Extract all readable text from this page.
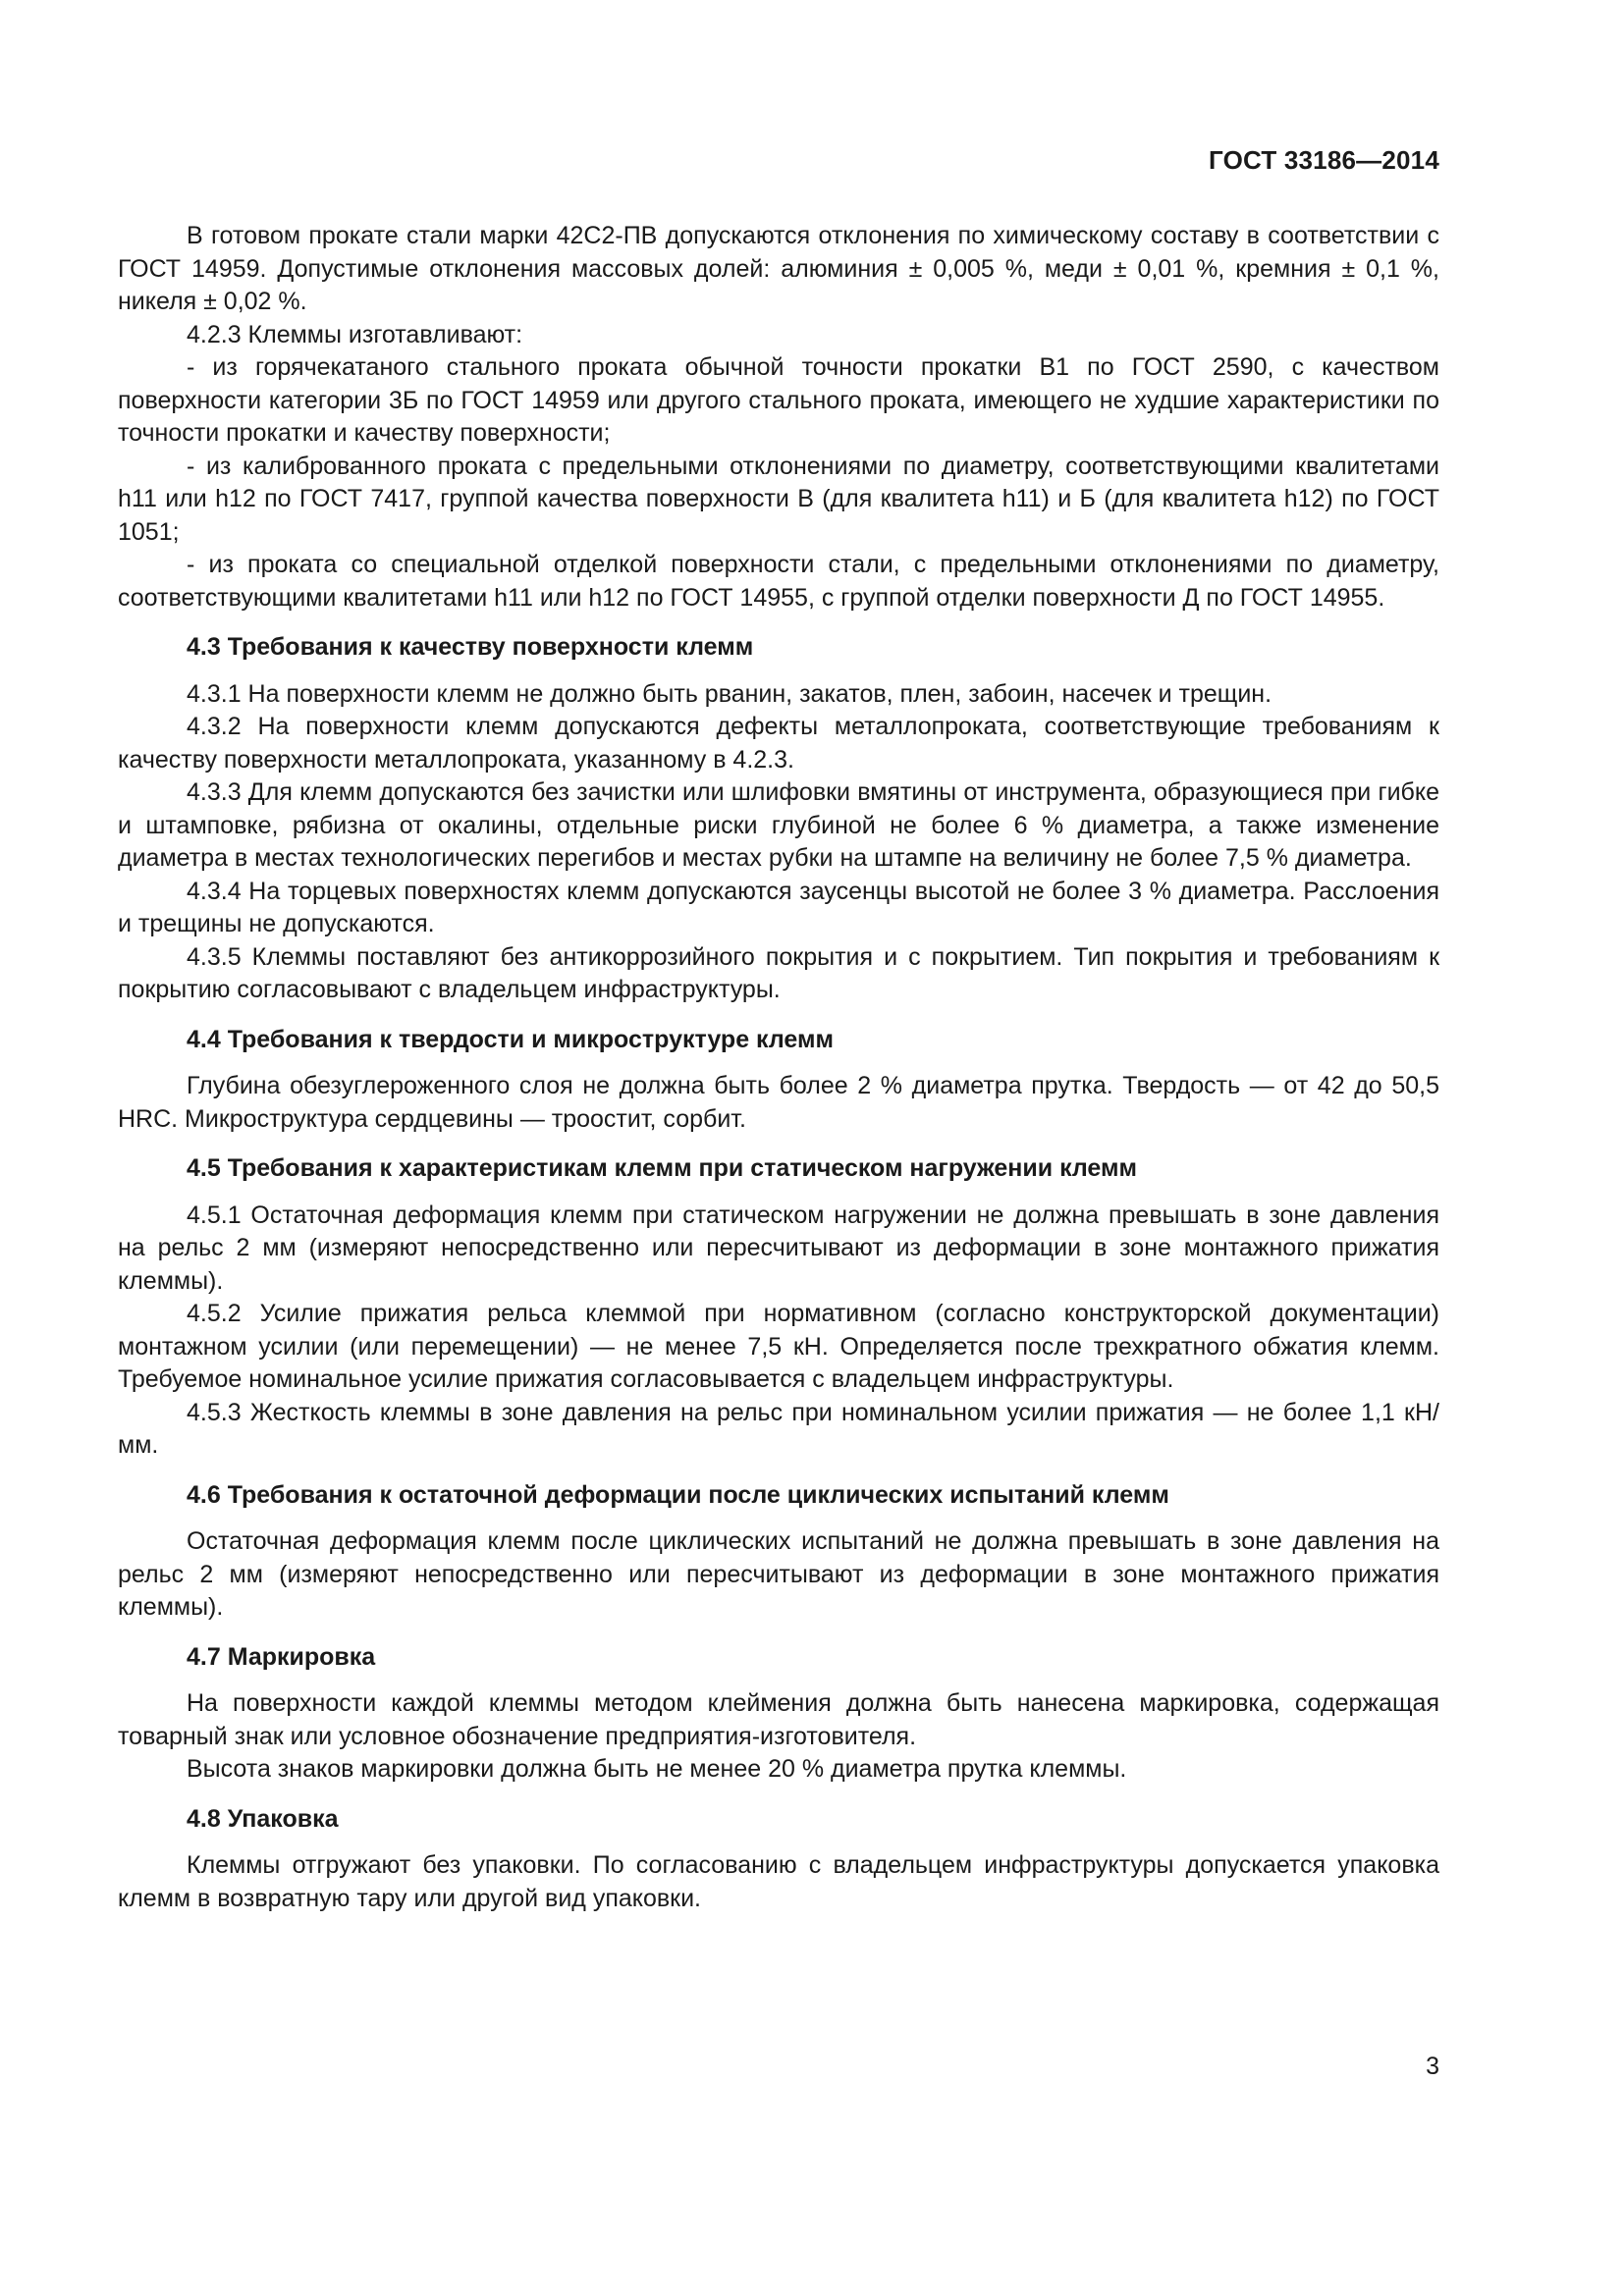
ГОСТ 33186—2014

В готовом прокате стали марки 42С2-ПВ допускаются отклонения по химическому составу в соответствии с ГОСТ 14959. Допустимые отклонения массовых долей: алюминия ± 0,005 %, меди ± 0,01 %, кремния ± 0,1 %, никеля ± 0,02 %.

4.2.3 Клеммы изготавливают:

- из горячекатаного стального проката обычной точности прокатки В1 по ГОСТ 2590, с качеством поверхности категории 3Б по ГОСТ 14959 или другого стального проката, имеющего не худшие характеристики по точности прокатки и качеству поверхности;

- из калиброванного проката с предельными отклонениями по диаметру, соответствующими квалитетами h11 или h12 по ГОСТ 7417, группой качества поверхности В (для квалитета h11) и Б (для квалитета h12) по ГОСТ 1051;

- из проката со специальной отделкой поверхности стали, с предельными отклонениями по диаметру, соответствующими квалитетами h11 или h12 по ГОСТ 14955, с группой отделки поверхности Д по ГОСТ 14955.

4.3 Требования к качеству поверхности клемм

4.3.1 На поверхности клемм не должно быть рванин, закатов, плен, забоин, насечек и трещин.

4.3.2 На поверхности клемм допускаются дефекты металлопроката, соответствующие требованиям к качеству поверхности металлопроката, указанному в 4.2.3.

4.3.3 Для клемм допускаются без зачистки или шлифовки вмятины от инструмента, образующиеся при гибке и штамповке, рябизна от окалины, отдельные риски глубиной не более 6 % диаметра, а также изменение диаметра в местах технологических перегибов и местах рубки на штампе на величину не более 7,5 % диаметра.

4.3.4 На торцевых поверхностях клемм допускаются заусенцы высотой не более 3 % диаметра. Расслоения и трещины не допускаются.

4.3.5 Клеммы поставляют без антикоррозийного покрытия и с покрытием. Тип покрытия и требованиям к покрытию согласовывают с владельцем инфраструктуры.

4.4 Требования к твердости и микроструктуре клемм

Глубина обезуглероженного слоя не должна быть более 2 % диаметра прутка. Твердость — от 42 до 50,5 HRC. Микроструктура сердцевины — троостит, сорбит.

4.5 Требования к характеристикам клемм при статическом нагружении клемм

4.5.1 Остаточная деформация клемм при статическом нагружении не должна превышать в зоне давления на рельс 2 мм (измеряют непосредственно или пересчитывают из деформации в зоне монтажного прижатия клеммы).

4.5.2 Усилие прижатия рельса клеммой при нормативном (согласно конструкторской документации) монтажном усилии (или перемещении) — не менее 7,5 кН. Определяется после трехкратного обжатия клемм. Требуемое номинальное усилие прижатия согласовывается с владельцем инфраструктуры.

4.5.3 Жесткость клеммы в зоне давления на рельс при номинальном усилии прижатия — не более 1,1 кН/мм.

4.6 Требования к остаточной деформации после циклических испытаний клемм

Остаточная деформация клемм после циклических испытаний не должна превышать в зоне давления на рельс 2 мм (измеряют непосредственно или пересчитывают из деформации в зоне монтажного прижатия клеммы).

4.7 Маркировка

На поверхности каждой клеммы методом клеймения должна быть нанесена маркировка, содержащая товарный знак или условное обозначение предприятия-изготовителя.

Высота знаков маркировки должна быть не менее 20 % диаметра прутка клеммы.

4.8 Упаковка

Клеммы отгружают без упаковки. По согласованию с владельцем инфраструктуры допускается упаковка клемм в возвратную тару или другой вид упаковки.

3
